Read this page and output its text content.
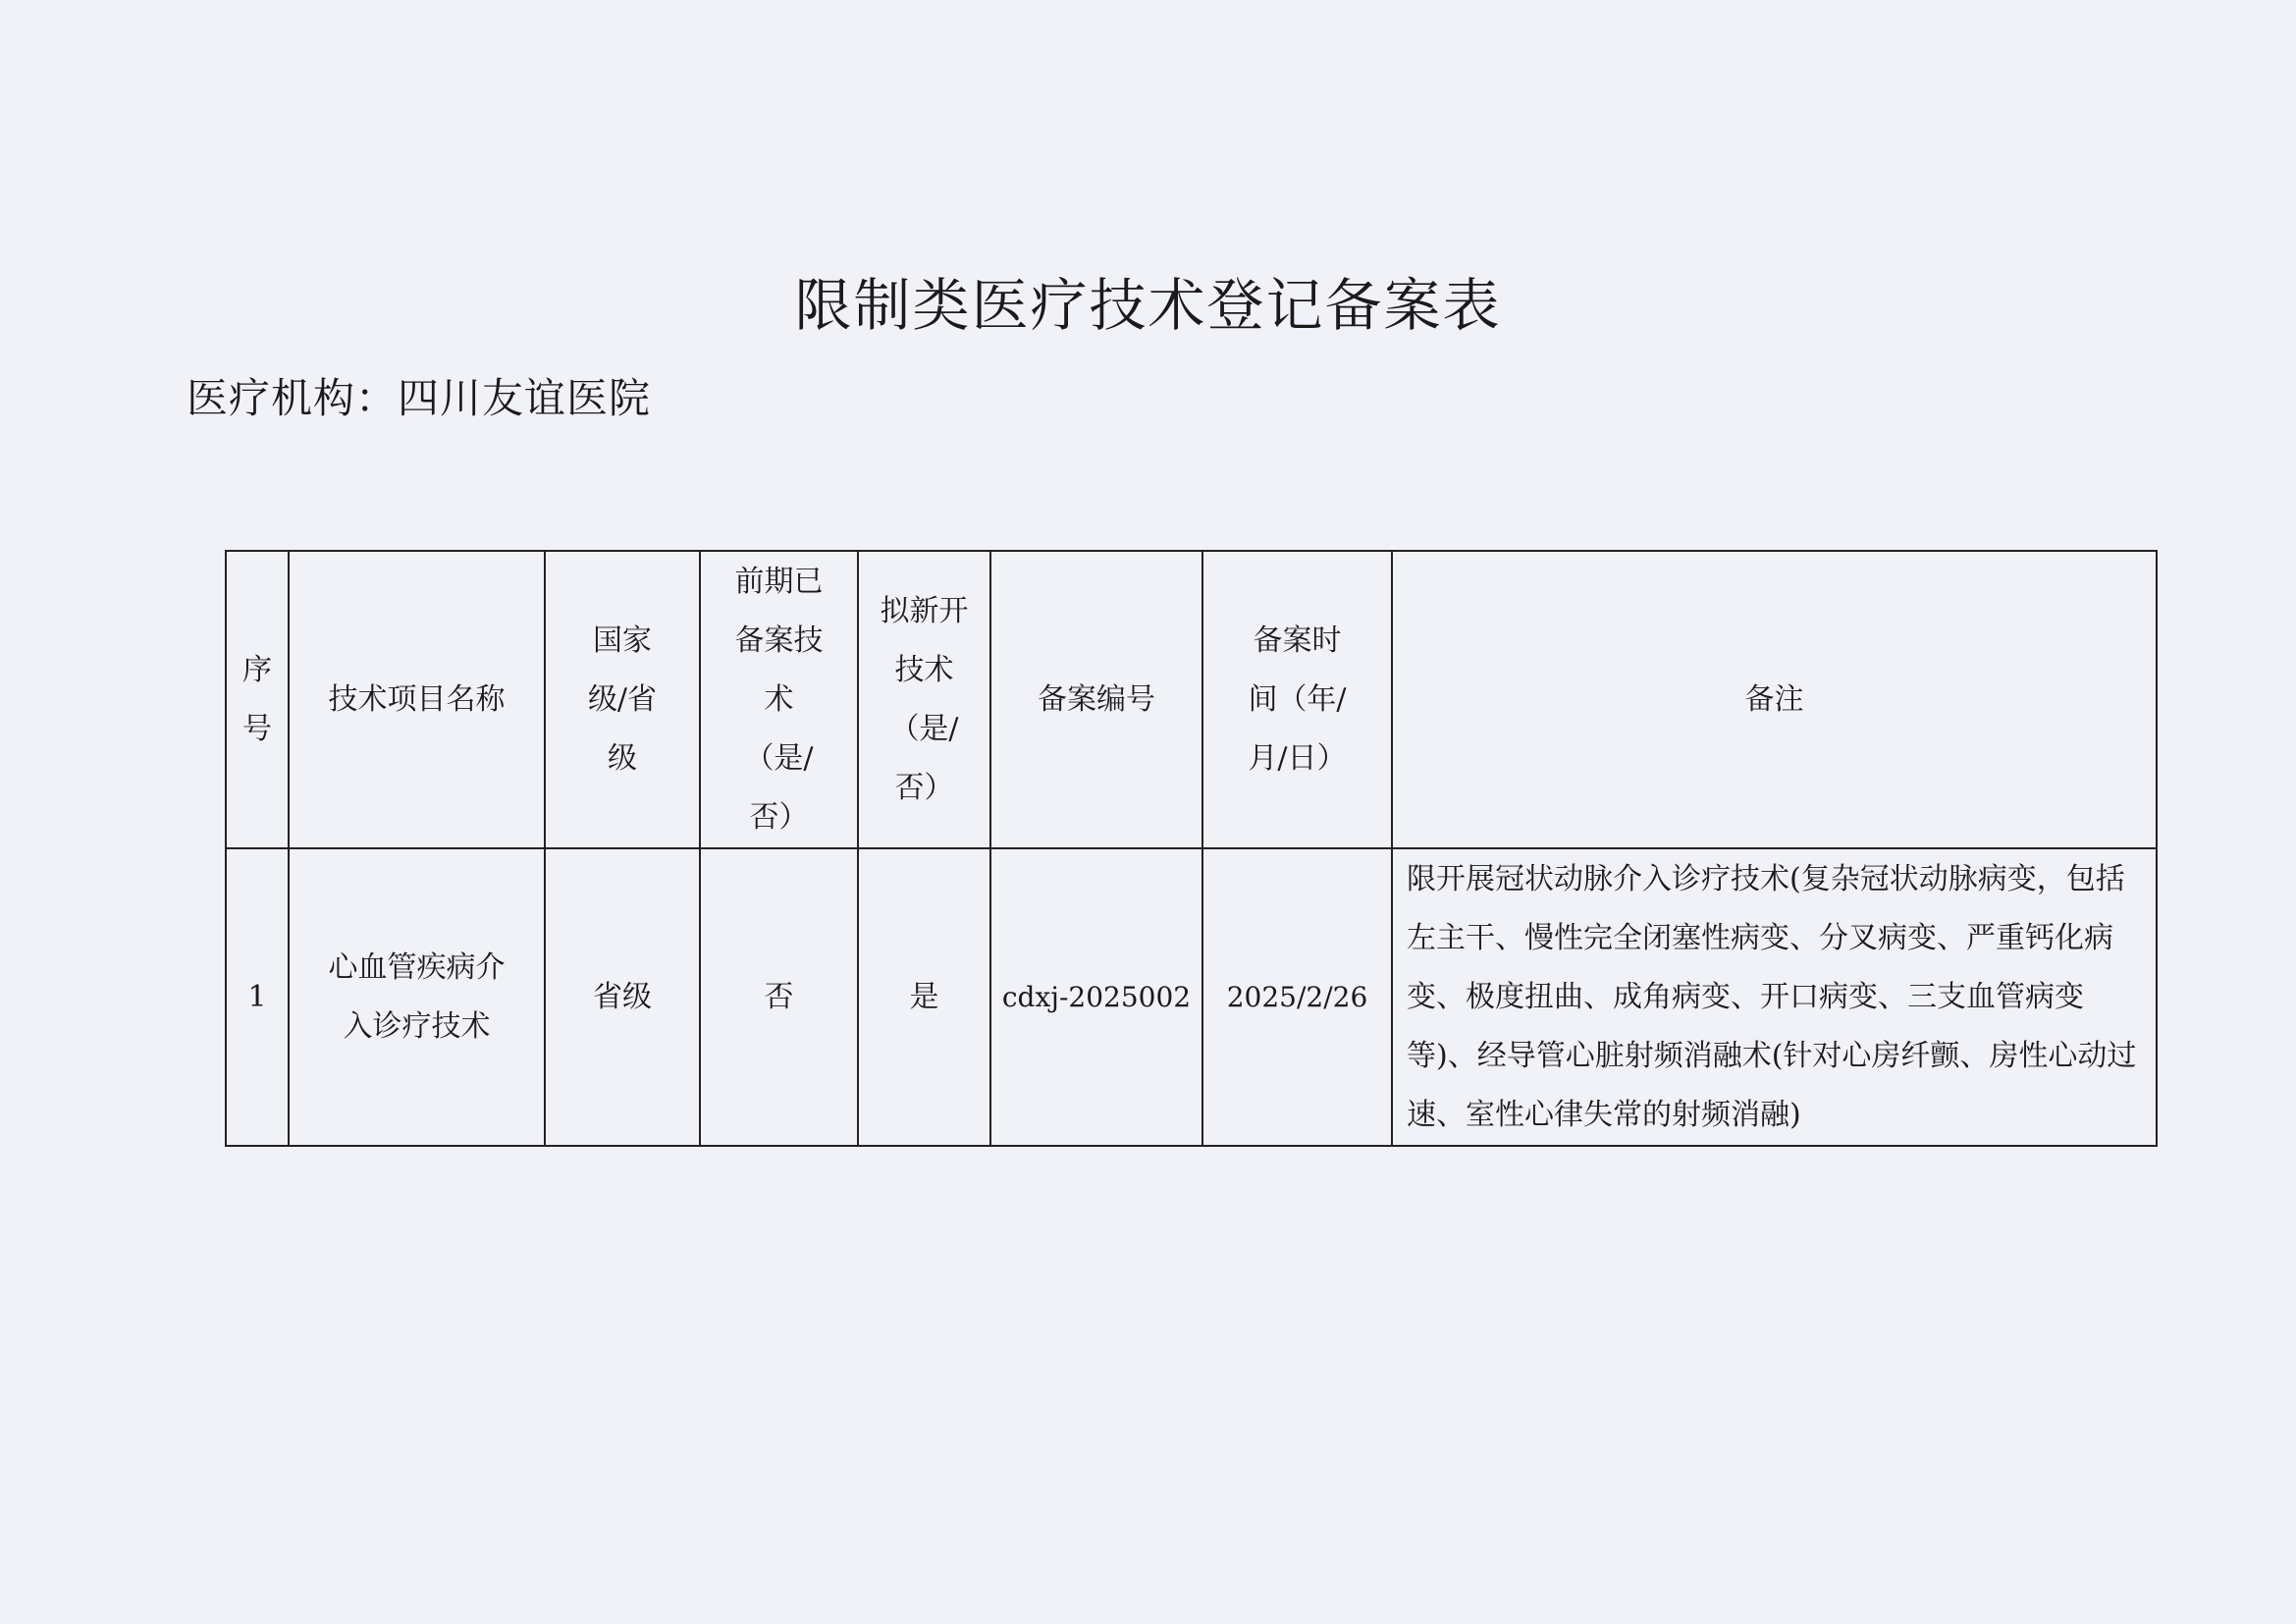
限制类医疗技术登记备案表
医疗机构：四川友谊医院
序号	技术项目名称	国家级/省级	前期已备案技术（是/否）	拟新开技术（是/否）	备案编号	备案时间（年/月/日）	备注
1	心血管疾病介入诊疗技术	省级	否	是	cdxj-2025002	2025/2/26	限开展冠状动脉介入诊疗技术(复杂冠状动脉病变，包括左主干、慢性完全闭塞性病变、分叉病变、严重钙化病变、极度扭曲、成角病变、开口病变、三支血管病变等)、经导管心脏射频消融术(针对心房纤颤、房性心动过速、室性心律失常的射频消融)
